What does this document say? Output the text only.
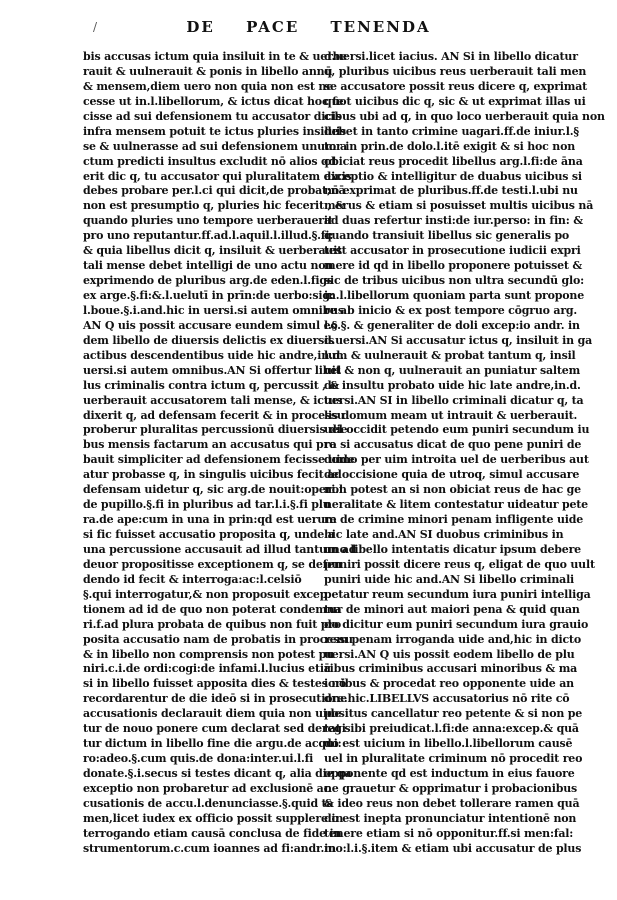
/	DE PACE TENENDA
bis accusas ictum quia insiluit in te & uerbe
rauit & uulnerauit & ponis in libello annū
& mensem,diem uero non quia non est ne
cesse ut in.l.libellorum, & ictus dicat hoc fe
cisse ad sui defensionem tu accusator dicis
infra mensem potuit te ictus pluries insiluis
se & uulnerasse ad sui defensionem unum a
ctum predicti insultus excludit nō alios qd
erit dic q, tu accusator qui pluralitatem dicis
debes probare per.l.ci qui dicit,de probat;nā
non est presumptio q, pluries hic fecerit , &
quando pluries uno tempore uerberauerit
pro uno reputantur.ff.ad.l.aquil.l.illud.§.fi:
& quia libellus dicit q, insiluit & uerberauit
tali mense debet intelligi de uno actu non
exprimendo de pluribus arg.de eden.l.figs
ex arge.§.fi:&.l.uelutī in prīn:de uerbo:sig:
l.boue.§.i.and.hic in uersi.si autem omnibus
AN Q uis possit accusare eundem simul eo
dem libello de diuersis delictis ex diuersis
actibus descendentibus uide hic andre,in.d.
uersi.si autem omnibus.AN Si offertur libel
lus criminalis contra ictum q, percussit , &
uerberauit accusatorem tali mense, & ictus
dixerit q, ad defensam fecerit & in processu
proberur pluralitas percussionū diuersis die
bus mensis factarum an accusatus qui pro
bauit simpliciter ad defensionem fecisse uide
atur probasse q, in singulis uicibus fecit ad
defensam uidetur q, sic arg.de nouit:operi.l.
de pupillo.§.fi in pluribus ad tar.l.i.§.fi plu
ra.de ape:cum in una in prin:qd est uerum
si fic fuisset accusatio proposita q, unde a
una percussione accusauit ad illud tantum ad
deuor propositisse exceptionem q, se defen
dendo id fecit & interroga:ac:l.celsiō
§.qui interrogatur,& non proposuit excep
tionem ad id de quo non poterat condemna
ri.f.ad plura probata de quibus non fuit pro
posita accusatio nam de probatis in processu
& in libello non comprensis non potest pu
niri.c.i.de ordi:cogi:de infami.l.lucius etiā
si in libello fuisset apposita dies & testes nō
recordarentur de die ideō si in prosecutione
accusationis declarauit diem quia non uide
tur de nouo ponere cum declarat sed deregi
tur dictum in libello fine die argu.de acqui:
ro:adeo.§.cum quis.de dona:inter.ui.l.fi
donate.§.i.secus si testes dicant q, alia die qa
exceptio non probaretur ad exclusionē ac
cusationis de accu.l.denunciasse.§.quid ta
men,licet iudex ex officio possit supplere in
terrogando etiam causā conclusa de fide in
strumentorum.c.cum ioannes ad fi:andr.in
d.uersi.licet iacius. AN Si in libello dicatur
q, pluribus uicibus reus uerberauit tali men
se accusatore possit reus dicere q, exprimat
quot uicibus dic q, sic & ut exprimat illas ui
cibus ubi ad q, in quo loco uerberauit quia non
debet in tanto crimine uagari.ff.de iniur.l.§
tor in prin.de dolo.l.itē exigit & si hoc non
obiciat reus procedit libellus arg.l.fi:de āna
exceptio & intelligitur de duabus uicibus si
nō exprimat de pluribus.ff.de testi.l.ubi nu
merus & etiam si posuisset multis uicibus nā
ad duas refertur insti:de iur.perso: in fin: &
quando transiuit libellus sic generalis po
test accusator in prosecutione iudicii expri
mere id qd in libello proponere potuisset &
sic de tribus uicibus non ultra secundū glo:
in.l.libellorum quoniam parta sunt propone
re ab inicio & ex post tempore cōgruo arg.
l.§.§. & generaliter de doli excep:io andr. in
d.uersi.AN Si accusatur ictus q, insiluit in ga
lum & uulnerauit & probat tantum q, insil
uit & non q, uulnerauit an puniatur saltem
de insultu probato uide hic late andre,in.d.
uersi.AN SI in libello criminali dicatur q, ta
lis domum meam ut intrauit & uerberauit.
uel occidit petendo eum puniri secundum iu
ra si accusatus dicat de quo pene puniri de
domo per uim introita uel de uerberibus aut
de occisione quia de utroq, simul accusare
non potest an si non obiciat reus de hac ge
neralitate & litem contestatur uideatur pete
re de crimine minori penam infligente uide
hic late and.AN SI duobus criminibus in
uno libello intentatis dicatur ipsum debere
puniri possit dicere reus q, eligat de quo uult
puniri uide hic and.AN Si libello criminali
petatur reum secundum iura puniri intelliga
tur de minori aut maiori pena & quid quan
do dicitur eum puniri secundum iura grauio
rem penam irroganda uide and,hic in dicto
uersi.AN Q uis possit eodem libello de plu
ribus criminibus accusari minoribus & ma
ioribus & procedat reo opponente uide an
dre.hic.LIBELLVS accusatorius nō rite cō
positus cancellatur reo petente & si non pe
tat sibi preiudicat.l.fi:de anna:excep.& quā
do est uicium in libello.l.libellorum causē
uel in pluralitate criminum nō procedit reo
opponente qd est inductum in eius fauore
ne grauetur & opprimatur i probacionibus
& ideo reus non debet tollerare ramen quā
do est inepta pronunciatur intentionē non
tenere etiam si nō opponitur.ff.si men:fal:
mo:l.i.§.item & etiam ubi accusatur de plus
